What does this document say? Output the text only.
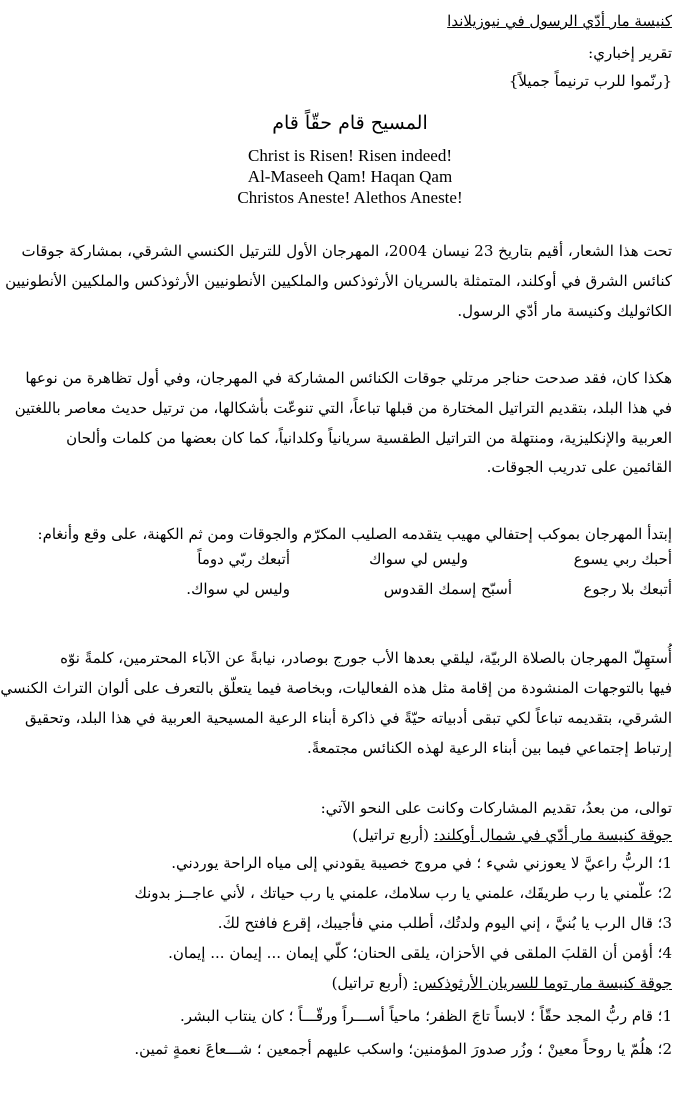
كنيسة مار أدّي الرسول في نيوزيلاندا
تقرير إخباري:
{رنّموا للرب ترنيماً جميلاً}
المسيح قام حقّاً قام
Christ is Risen! Risen indeed!
Al-Maseeh Qam! Haqan Qam
Christos Aneste! Alethos Aneste!
تحت هذا الشعار، أقيم بتاريخ 23 نيسان 2004، المهرجان الأول للترتيل الكنسي الشرقي، بمشاركة جوقات
كنائس الشرق في أوكلند، المتمثلة بالسريان الأرثوذكس والملكيين الأنطونيين الأرثوذكس والملكيين الأنطونيين
الكاثوليك وكنيسة مار أدّي الرسول.
هكذا كان، فقد صدحت حناجر مرتلي جوقات الكنائس المشاركة في المهرجان، وفي أول تظاهرة من نوعها
في هذا البلد، بتقديم التراتيل المختارة من قبلها تباعاً، التي تنوعّت بأشكالها، من ترتيل حديث معاصر باللغتين
العربية والإنكليزية، ومنتهلة من التراتيل الطقسية سريانياً وكلدانياً، كما كان بعضها من كلمات وألحان
القائمين على تدريب الجوقات.
إبتدأ المهرجان بموكب إحتفالي مهيب يتقدمه الصليب المكرّم والجوقات ومن ثم الكهنة، على وقع وأنغام:
أحبك ربي يسوع
وليس لي سواك
أتبعك ربّي دوماً
أتبعك بلا رجوع
أسبّح إسمك القدوس
وليس لي سواك.
أُستهِلّ المهرجان بالصلاة الربيّة، ليلقي بعدها الأب جورج بوصادر، نيابةً عن الآباء المحترمين، كلمةً نوّه
فيها بالتوجهات المنشودة من إقامة مثل هذه الفعاليات، وبخاصة فيما يتعلّق بالتعرف على ألوان التراث الكنسي
الشرقي، بتقديمه تباعاً لكي تبقى أدبياته حيّةً في ذاكرة أبناء الرعية المسيحية العربية في هذا البلد، وتحقيق
إرتباط إجتماعي فيما بين أبناء الرعية لهذه الكنائس مجتمعةً.
توالى، من بعدُ، تقديم المشاركات وكانت على النحو الآتي:
جوقة كنيسة مار أدّي في شمال أوكلند: (أربع تراتيل)
1؛ الربُّ راعيَّ لا يعوزني شيء ؛ في مروج خصيبة يقودني إلى مياه الراحة يوردني.
2؛ علّمني يا رب طريقَك، علمني يا رب سلامك، علمني يا رب حياتك ، لأني عاجــز بدونك
3؛ قال الرب يا بُنيَّ ، إني اليوم ولدتُك، أطلب مني فأجيبك، إقرع فافتح لكَ.
4؛ أؤمن أن القلبَ الملقى في الأحزان، يلقى الحنان؛ كلّي إيمان ... إيمان ... إيمان.
جوقة كنيسة مار توما للسريان الأرثوذكس: (أربع تراتيل)
1؛ قام ربُّ المجد حقّاً ؛ لابساً تاجَ الظفر؛ ماحياً أســـراً ورقّـــاً ؛ كان ينتاب البشر.
2؛ هلُمّ يا روحاً معينْ ؛ وزُر صدورَ المؤمنين؛ واسكب عليهم أجمعين ؛ شـــعاعَ نعمةٍ ثمين.
